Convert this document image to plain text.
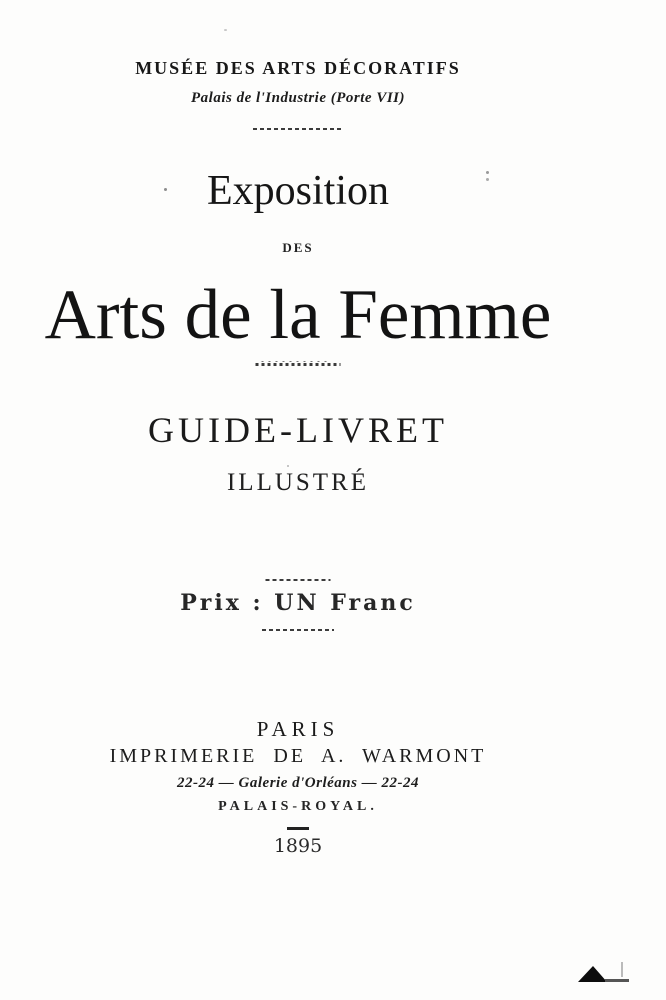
MUSÉE DES ARTS DÉCORATIFS
Palais de l'Industrie (Porte VII)
Exposition
DES
Arts de la Femme
GUIDE-LIVRET
ILLUSTRÉ
Prix : UN Franc
PARIS
IMPRIMERIE DE A. WARMONT
22-24 — Galerie d'Orléans — 22-24
PALAIS-ROYAL.
1895
